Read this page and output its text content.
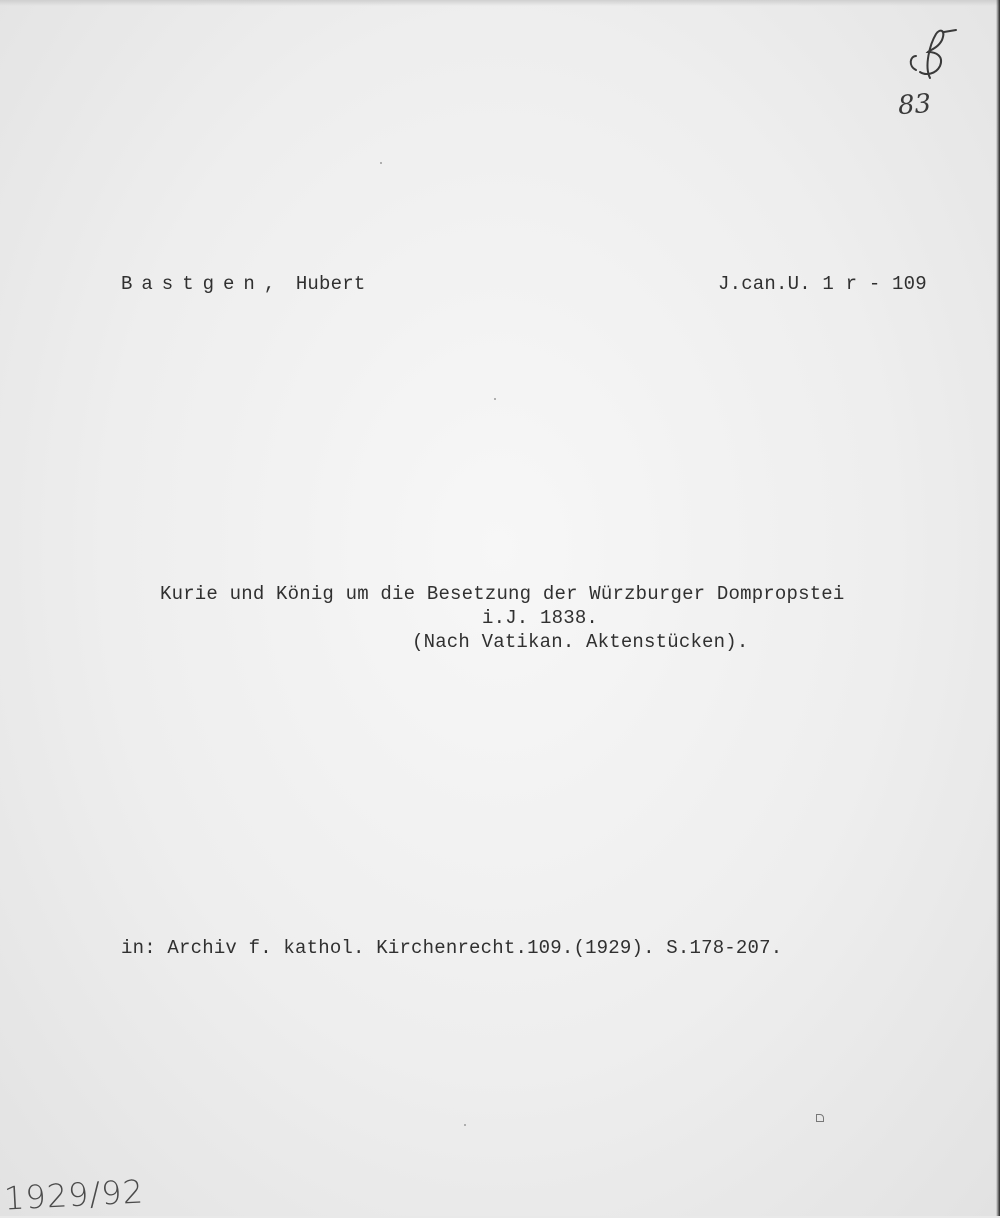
Bastgen, Hubert	J.can.U. 1 r - 109
Kurie und König um die Besetzung der Würzburger Dompropstei
i.J. 1838.
(Nach Vatikan. Aktenstücken).
in: Archiv f. kathol. Kirchenrecht.109.(1929). S.178-207.
83
1929/92
